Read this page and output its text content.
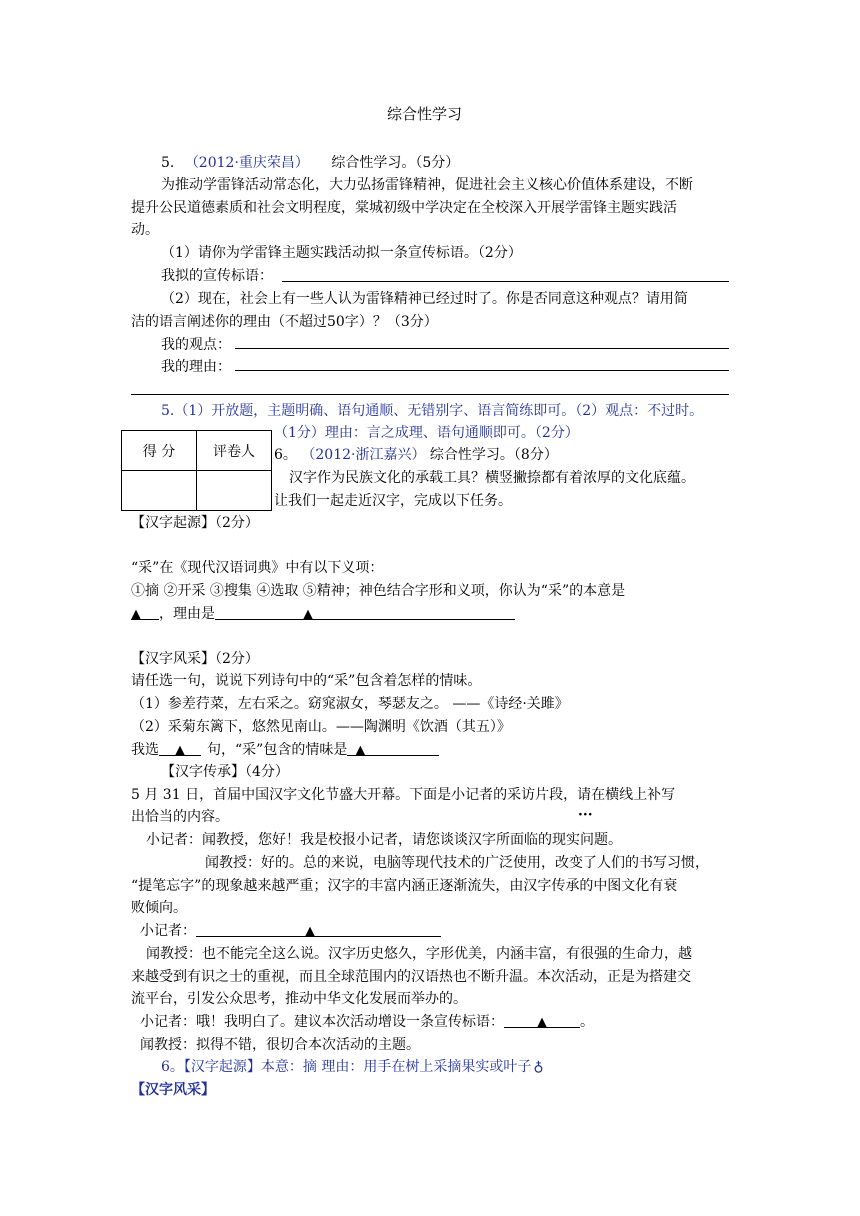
综合性学习
5. （2012·重庆荣昌） 综合性学习。（5分）
为推动学雷锋活动常态化，大力弘扬雷锋精神，促进社会主义核心价值体系建设，不断
提升公民道德素质和社会文明程度，棠城初级中学决定在全校深入开展学雷锋主题实践活
动。
（1）请你为学雷锋主题实践活动拟一条宣传标语。（2分）
我拟的宣传标语：
（2）现在，社会上有一些人认为雷锋精神已经过时了。你是否同意这种观点？请用简
洁的语言阐述你的理由（不超过50字）？（3分）
我的观点：
我的理由：
5.（1）开放题，主题明确、语句通顺、无错别字、语言简练即可。（2）观点：不过时。
（1分）理由：言之成理、语句通顺即可。（2分）
得 分	评卷人
	6。 （2012·浙江嘉兴） 综合性学习。（8分）
汉字作为民族文化的承载工具？横竖撇捺都有着浓厚的文化底蕴。
让我们一起走近汉字，完成以下任务。
【汉字起源】（2分）
“采”在《现代汉语词典》中有以下义项：
①摘 ②开采 ③搜集 ④选取 ⑤精神；神色结合字形和义项，你认为“采”的本意是
▲ ，理由是	▲
【汉字风采】（2分）
请任选一句，说说下列诗句中的“采”包含着怎样的情味。
（1）参差荇菜，左右采之。窈窕淑女，琴瑟友之。 ——《诗经·关雎》
（2）采菊东篱下，悠然见南山。——陶渊明《饮酒（其五）》
我选 ▲ 句，“采”包含的情味是 ▲
【汉字传承】（4分）
5 月 31 日，首届中国汉字文化节盛大开幕。下面是小记者的采访片段，请在横线上补写
出恰当的内容。	···
小记者：闻教授，您好！我是校报小记者，请您谈谈汉字所面临的现实问题。
闻教授：好的。总的来说，电脑等现代技术的广泛使用，改变了人们的书写习惯，
“提笔忘字”的现象越来越严重；汉字的丰富内涵正逐渐流失，由汉字传承的中图文化有衰
败倾向。
小记者：	▲
闻教授：也不能完全这么说。汉字历史悠久，字形优美，内涵丰富，有很强的生命力，越
来越受到有识之士的重视，而且全球范围内的汉语热也不断升温。本次活动，正是为搭建交
流平台，引发公众思考，推动中华文化发展而举办的。
小记者：哦！我明白了。建议本次活动增设一条宣传标语：	▲ 。
闻教授：拟得不错，很切合本次活动的主题。
6。【汉字起源】本意：摘 理由：用手在树上采摘果实或叶子 ♁
【汉字风采】
